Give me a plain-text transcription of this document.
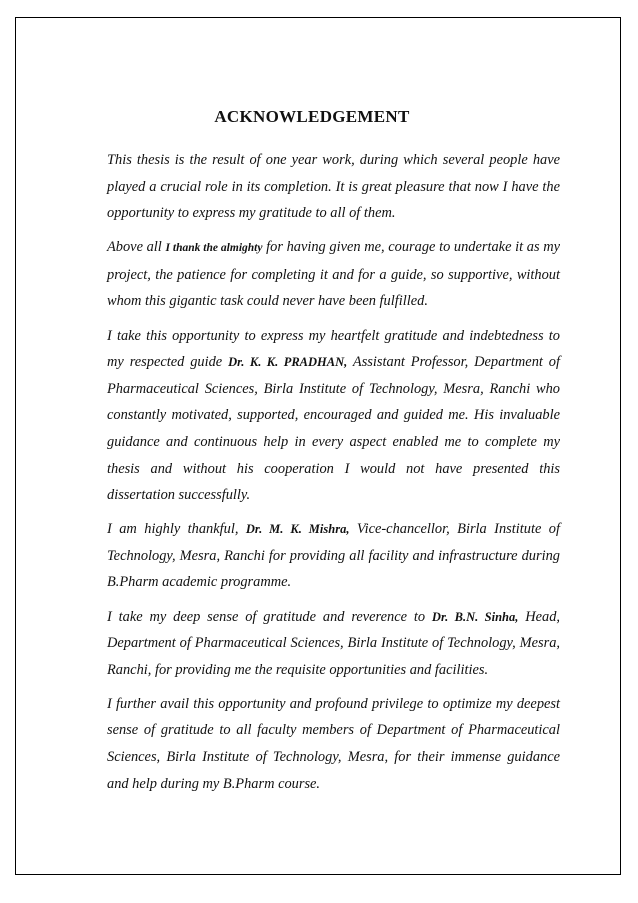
ACKNOWLEDGEMENT

This thesis is the result of one year work, during which several people have played a crucial role in its completion. It is great pleasure that now I have the opportunity to express my gratitude to all of them.

Above all I thank the almighty for having given me, courage to undertake it as my project, the patience for completing it and for a guide, so supportive, without whom this gigantic task could never have been fulfilled.

I take this opportunity to express my heartfelt gratitude and indebtedness to my respected guide Dr. K. K. PRADHAN, Assistant Professor, Department of Pharmaceutical Sciences, Birla Institute of Technology, Mesra, Ranchi who constantly motivated, supported, encouraged and guided me. His invaluable guidance and continuous help in every aspect enabled me to complete my thesis and without his cooperation I would not have presented this dissertation successfully.

I am highly thankful, Dr. M. K. Mishra, Vice-chancellor, Birla Institute of Technology, Mesra, Ranchi for providing all facility and infrastructure during B.Pharm academic programme.

I take my deep sense of gratitude and reverence to Dr. B.N. Sinha, Head, Department of Pharmaceutical Sciences, Birla Institute of Technology, Mesra, Ranchi, for providing me the requisite opportunities and facilities.

I further avail this opportunity and profound privilege to optimize my deepest sense of gratitude to all faculty members of Department of Pharmaceutical Sciences, Birla Institute of Technology, Mesra, for their immense guidance and help during my B.Pharm course.
